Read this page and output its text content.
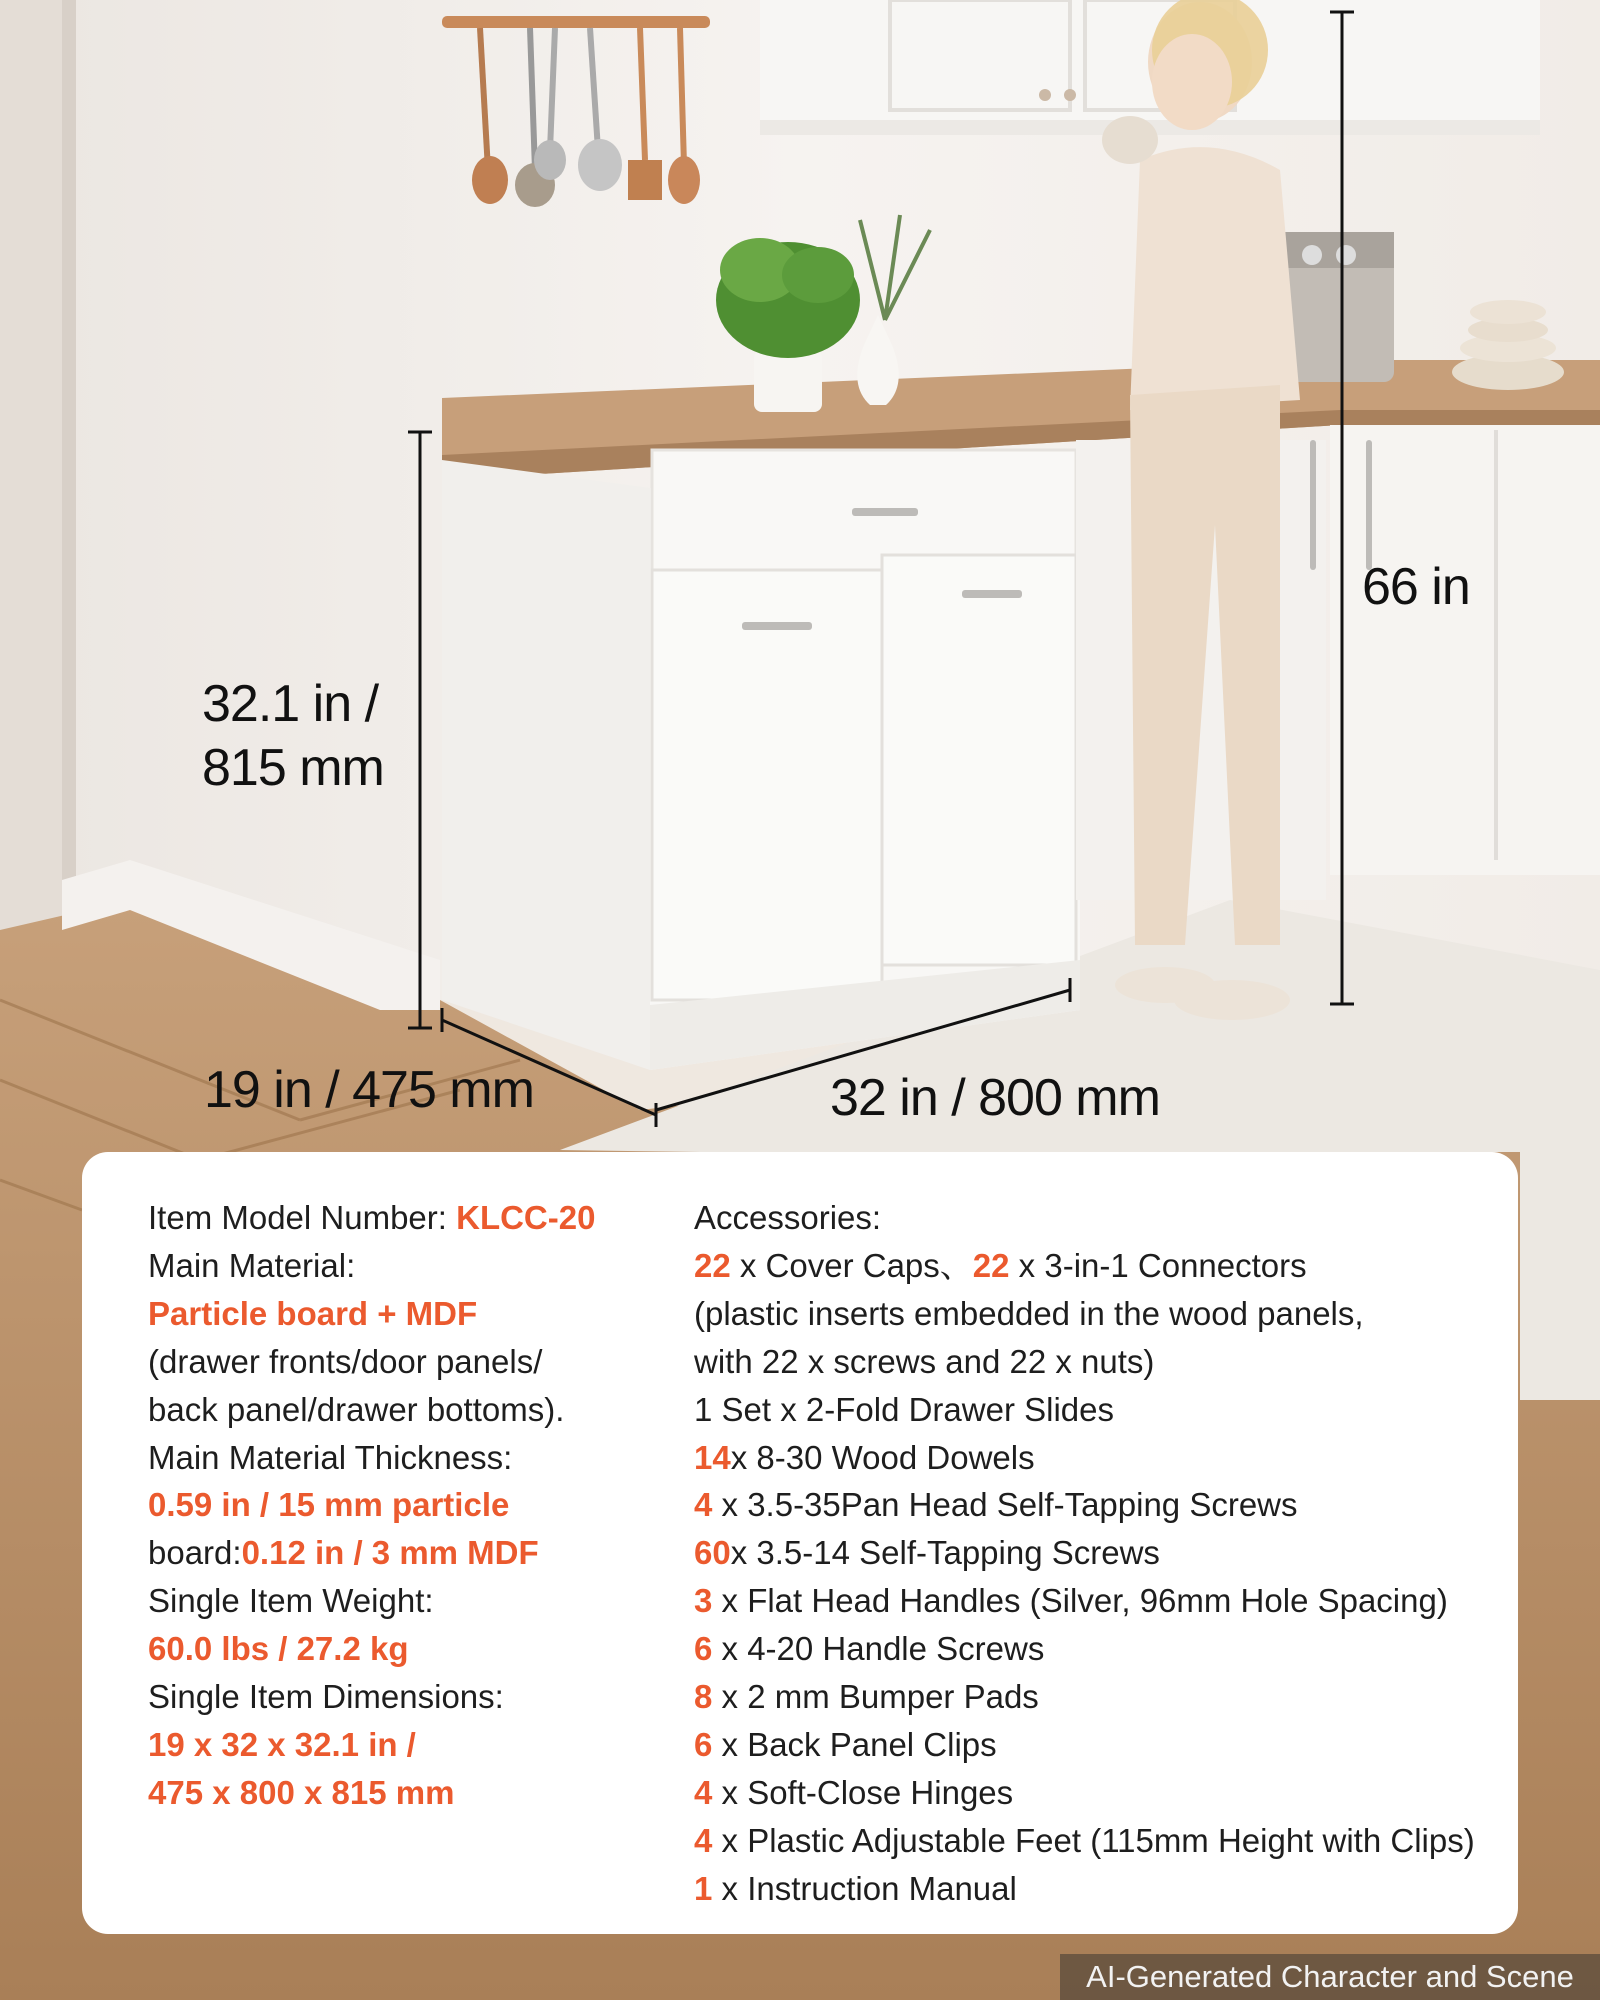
32.1 in /
815 mm
19 in / 475 mm	32 in / 800 mm
66 in
Item Model Number: KLCC-20
Main Material:
Particle board + MDF
(drawer fronts/door panels/
back panel/drawer bottoms).
Main Material Thickness:
0.59 in / 15 mm particle
board:0.12 in / 3 mm MDF
Single Item Weight:
60.0 lbs / 27.2 kg
Single Item Dimensions:
19 x 32 x 32.1 in /
475 x 800 x 815 mm
Accessories:
22 x Cover Caps、22 x 3-in-1 Connectors
(plastic inserts embedded in the wood panels,
with 22 x screws and 22 x nuts)
1 Set x 2-Fold Drawer Slides
14x 8-30 Wood Dowels
4 x 3.5-35Pan Head Self-Tapping Screws
60x 3.5-14 Self-Tapping Screws
3 x Flat Head Handles (Silver, 96mm Hole Spacing)
6 x 4-20 Handle Screws
8 x 2 mm Bumper Pads
6 x Back Panel Clips
4 x Soft-Close Hinges
4 x Plastic Adjustable Feet (115mm Height with Clips)
1 x Instruction Manual
AI-Generated Character and Scene
